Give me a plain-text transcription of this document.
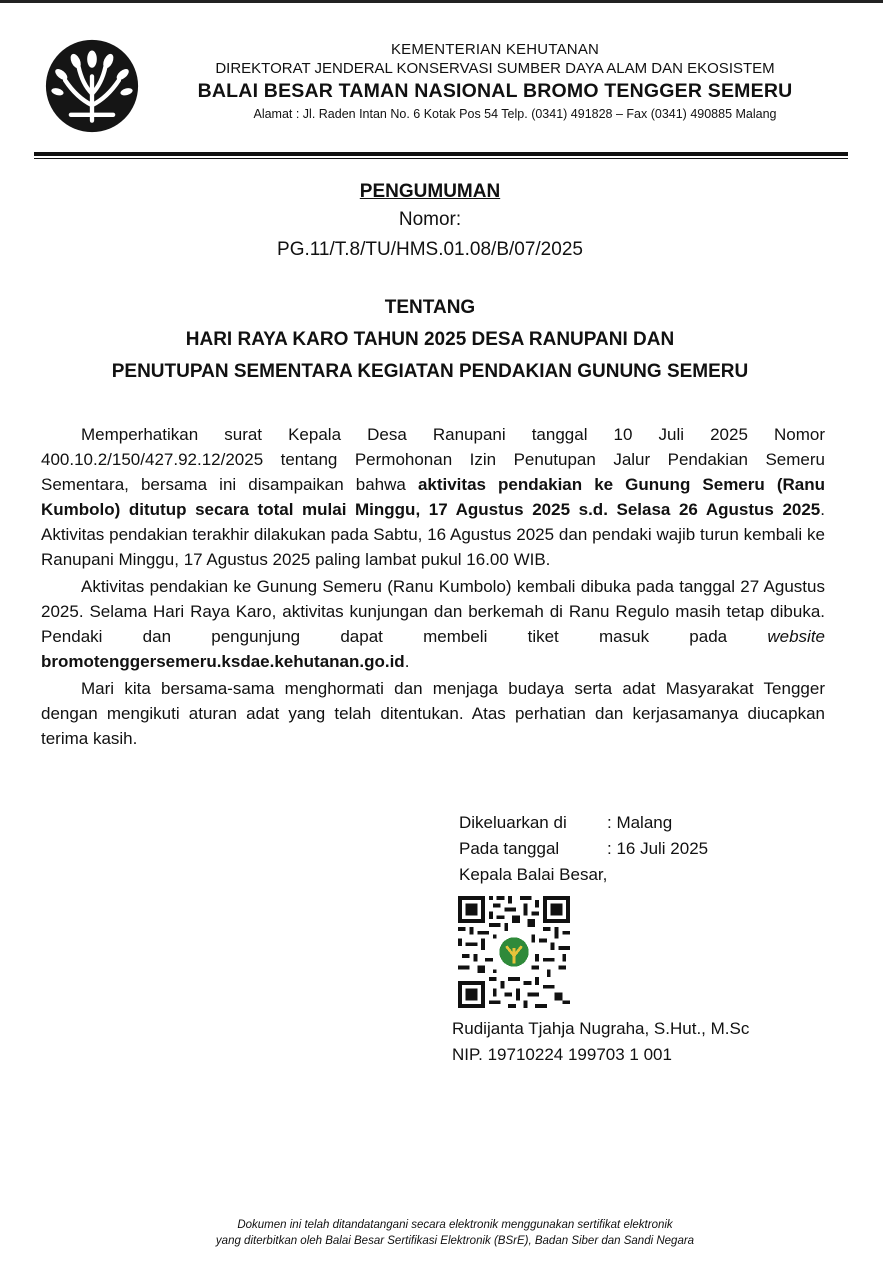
KEMENTERIAN KEHUTANAN
DIREKTORAT JENDERAL KONSERVASI SUMBER DAYA ALAM DAN EKOSISTEM
BALAI BESAR TAMAN NASIONAL BROMO TENGGER SEMERU
Alamat : Jl. Raden Intan No. 6 Kotak Pos 54 Telp. (0341) 491828 – Fax (0341) 490885 Malang
PENGUMUMAN
Nomor:
PG.11/T.8/TU/HMS.01.08/B/07/2025
TENTANG
HARI RAYA KARO TAHUN 2025 DESA RANUPANI DAN
PENUTUPAN SEMENTARA KEGIATAN PENDAKIAN GUNUNG SEMERU

Memperhatikan surat Kepala Desa Ranupani tanggal 10 Juli 2025 Nomor 400.10.2/150/427.92.12/2025 tentang Permohonan Izin Penutupan Jalur Pendakian Semeru Sementara, bersama ini disampaikan bahwa aktivitas pendakian ke Gunung Semeru (Ranu Kumbolo) ditutup secara total mulai Minggu, 17 Agustus 2025 s.d. Selasa 26 Agustus 2025. Aktivitas pendakian terakhir dilakukan pada Sabtu, 16 Agustus 2025 dan pendaki wajib turun kembali ke Ranupani Minggu, 17 Agustus 2025 paling lambat pukul 16.00 WIB.

Aktivitas pendakian ke Gunung Semeru (Ranu Kumbolo) kembali dibuka pada tanggal 27 Agustus 2025. Selama Hari Raya Karo, aktivitas kunjungan dan berkemah di Ranu Regulo masih tetap dibuka. Pendaki dan pengunjung dapat membeli tiket masuk pada website bromotenggersemeru.ksdae.kehutanan.go.id.

Mari kita bersama-sama menghormati dan menjaga budaya serta adat Masyarakat Tengger dengan mengikuti aturan adat yang telah ditentukan. Atas perhatian dan kerjasamanya diucapkan terima kasih.

Dikeluarkan di	: Malang
Pada tanggal	: 16 Juli 2025
Kepala Balai Besar,
Rudijanta Tjahja Nugraha, S.Hut., M.Sc
NIP. 19710224 199703 1 001
Dokumen ini telah ditandatangani secara elektronik menggunakan sertifikat elektronik
yang diterbitkan oleh Balai Besar Sertifikasi Elektronik (BSrE), Badan Siber dan Sandi Negara
